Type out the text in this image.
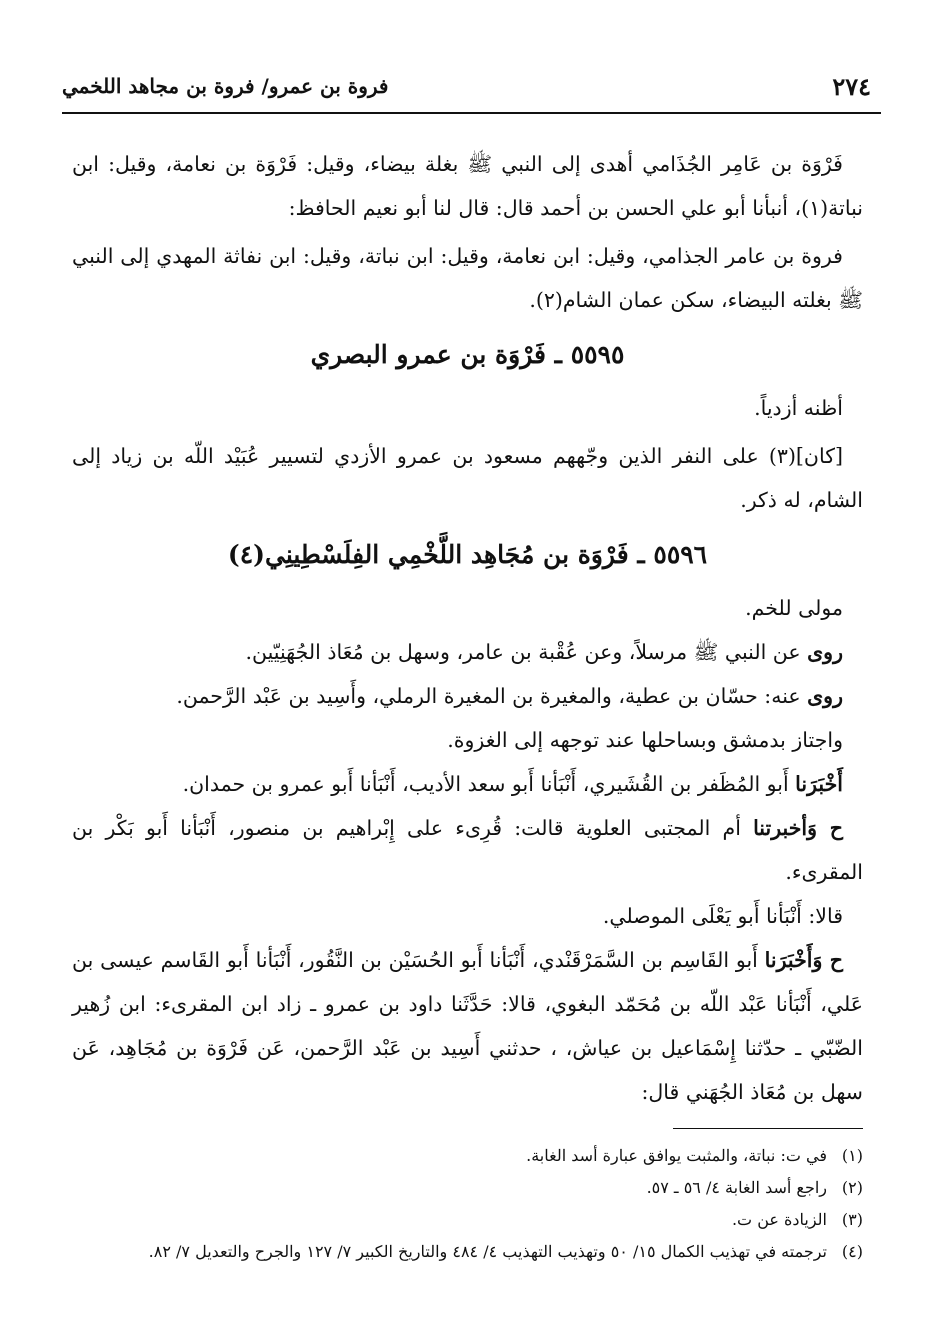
٢٧٤
فروة بن عمرو/ فروة بن مجاهد اللخمي

فَرْوَة بن عَامِر الجُذَامي أهدى إلى النبي ﷺ بغلة بيضاء، وقيل: فَرْوَة بن نعامة، وقيل: ابن نباتة(١)، أنبأنا أبو علي الحسن بن أحمد قال: قال لنا أبو نعيم الحافظ:

فروة بن عامر الجذامي، وقيل: ابن نعامة، وقيل: ابن نباتة، وقيل: ابن نفاثة المهدي إلى النبي ﷺ بغلته البيضاء، سكن عمان الشام(٢).

٥٥٩٥ ـ فَرْوَة بن عمرو البصري

أظنه أزدياً.

[كان](٣) على النفر الذين وجّههم مسعود بن عمرو الأزدي لتسيير عُبَيْد اللّه بن زياد إلى الشام، له ذكر.

٥٥٩٦ ـ فَرْوَة بن مُجَاهِد اللَّخْمِي الفِلَسْطِينِي(٤)

مولى للخم.

روى عن النبي ﷺ مرسلاً، وعن عُقْبة بن عامر، وسهل بن مُعَاذ الجُهَنِيّين.

روى عنه: حسّان بن عطية، والمغيرة بن المغيرة الرملي، وأَسِيد بن عَبْد الرَّحمن.

واجتاز بدمشق وبساحلها عند توجهه إلى الغزوة.

أَخْبَرَنا أَبو المُظَفر بن القُشَيري، أَنْبَأنا أَبو سعد الأديب، أَنْبَأنا أَبو عمرو بن حمدان.

ح وَأخبرتنا أم المجتبى العلوية قالت: قُرِىء على إِبْراهيم بن منصور، أَنْبَأنا أَبو بَكْر بن المقرىء.

قالا: أَنْبَأنا أَبو يَعْلَى الموصلي.

ح وَأَخْبَرَنا أَبو القَاسِم بن السَّمَرْقَنْدي، أَنْبَأنا أَبو الحُسَيْن بن النَّقُور، أَنْبَأنا أَبو القَاسم عيسى بن عَلي، أَنْبَأنا عَبْد اللّه بن مُحَمّد البغوي، قالا: حَدَّثَنا داود بن عمرو ـ زاد ابن المقرىء: ابن زُهير الضّبّي ـ حدّثنا إِسْمَاعيل بن عياش، ، حدثني أَسِيد بن عَبْد الرَّحمن، عَن فَرْوَة بن مُجَاهِد، عَن سهل بن مُعَاذ الجُهَني قال:

(١)في ت: نباتة، والمثبت يوافق عبارة أسد الغابة.
(٢)راجع أسد الغابة ٤/ ٥٦ ـ ٥٧.
(٣)الزيادة عن ت.
(٤)ترجمته في تهذيب الكمال ١٥/ ٥٠ وتهذيب التهذيب ٤/ ٤٨٤ والتاريخ الكبير ٧/ ١٢٧ والجرح والتعديل ٧/ ٨٢.
